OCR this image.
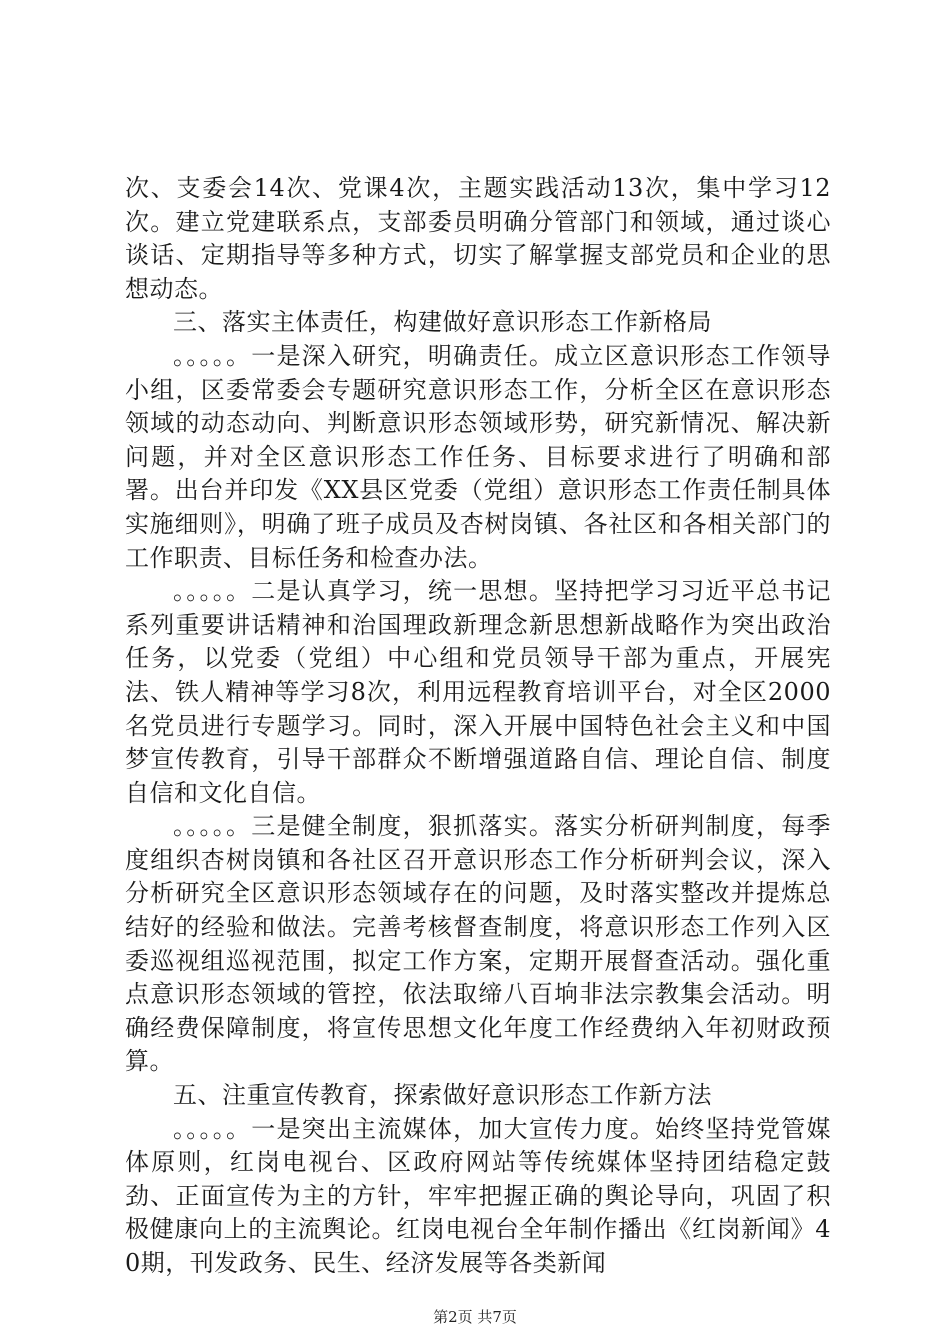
次、支委会14次、党课4次，主题实践活动13次，集中学习12次。建立党建联系点，支部委员明确分管部门和领域，通过谈心谈话、定期指导等多种方式，切实了解掌握支部党员和企业的思想动态。

三、落实主体责任，构建做好意识形态工作新格局

。。。。。一是深入研究，明确责任。成立区意识形态工作领导小组，区委常委会专题研究意识形态工作，分析全区在意识形态领域的动态动向、判断意识形态领域形势，研究新情况、解决新问题，并对全区意识形态工作任务、目标要求进行了明确和部署。出台并印发《XX县区党委（党组）意识形态工作责任制具体实施细则》，明确了班子成员及杏树岗镇、各社区和各相关部门的工作职责、目标任务和检查办法。

。。。。。二是认真学习，统一思想。坚持把学习习近平总书记系列重要讲话精神和治国理政新理念新思想新战略作为突出政治任务，以党委（党组）中心组和党员领导干部为重点，开展宪法、铁人精神等学习8次，利用远程教育培训平台，对全区2000名党员进行专题学习。同时，深入开展中国特色社会主义和中国梦宣传教育，引导干部群众不断增强道路自信、理论自信、制度自信和文化自信。

。。。。。三是健全制度，狠抓落实。落实分析研判制度，每季度组织杏树岗镇和各社区召开意识形态工作分析研判会议，深入分析研究全区意识形态领域存在的问题，及时落实整改并提炼总结好的经验和做法。完善考核督查制度，将意识形态工作列入区委巡视组巡视范围，拟定工作方案，定期开展督查活动。强化重点意识形态领域的管控，依法取缔八百垧非法宗教集会活动。明确经费保障制度，将宣传思想文化年度工作经费纳入年初财政预算。

五、注重宣传教育，探索做好意识形态工作新方法

。。。。。一是突出主流媒体，加大宣传力度。始终坚持党管媒体原则，红岗电视台、区政府网站等传统媒体坚持团结稳定鼓劲、正面宣传为主的方针，牢牢把握正确的舆论导向，巩固了积极健康向上的主流舆论。红岗电视台全年制作播出《红岗新闻》40期，刊发政务、民生、经济发展等各类新闻

第2页 共7页
